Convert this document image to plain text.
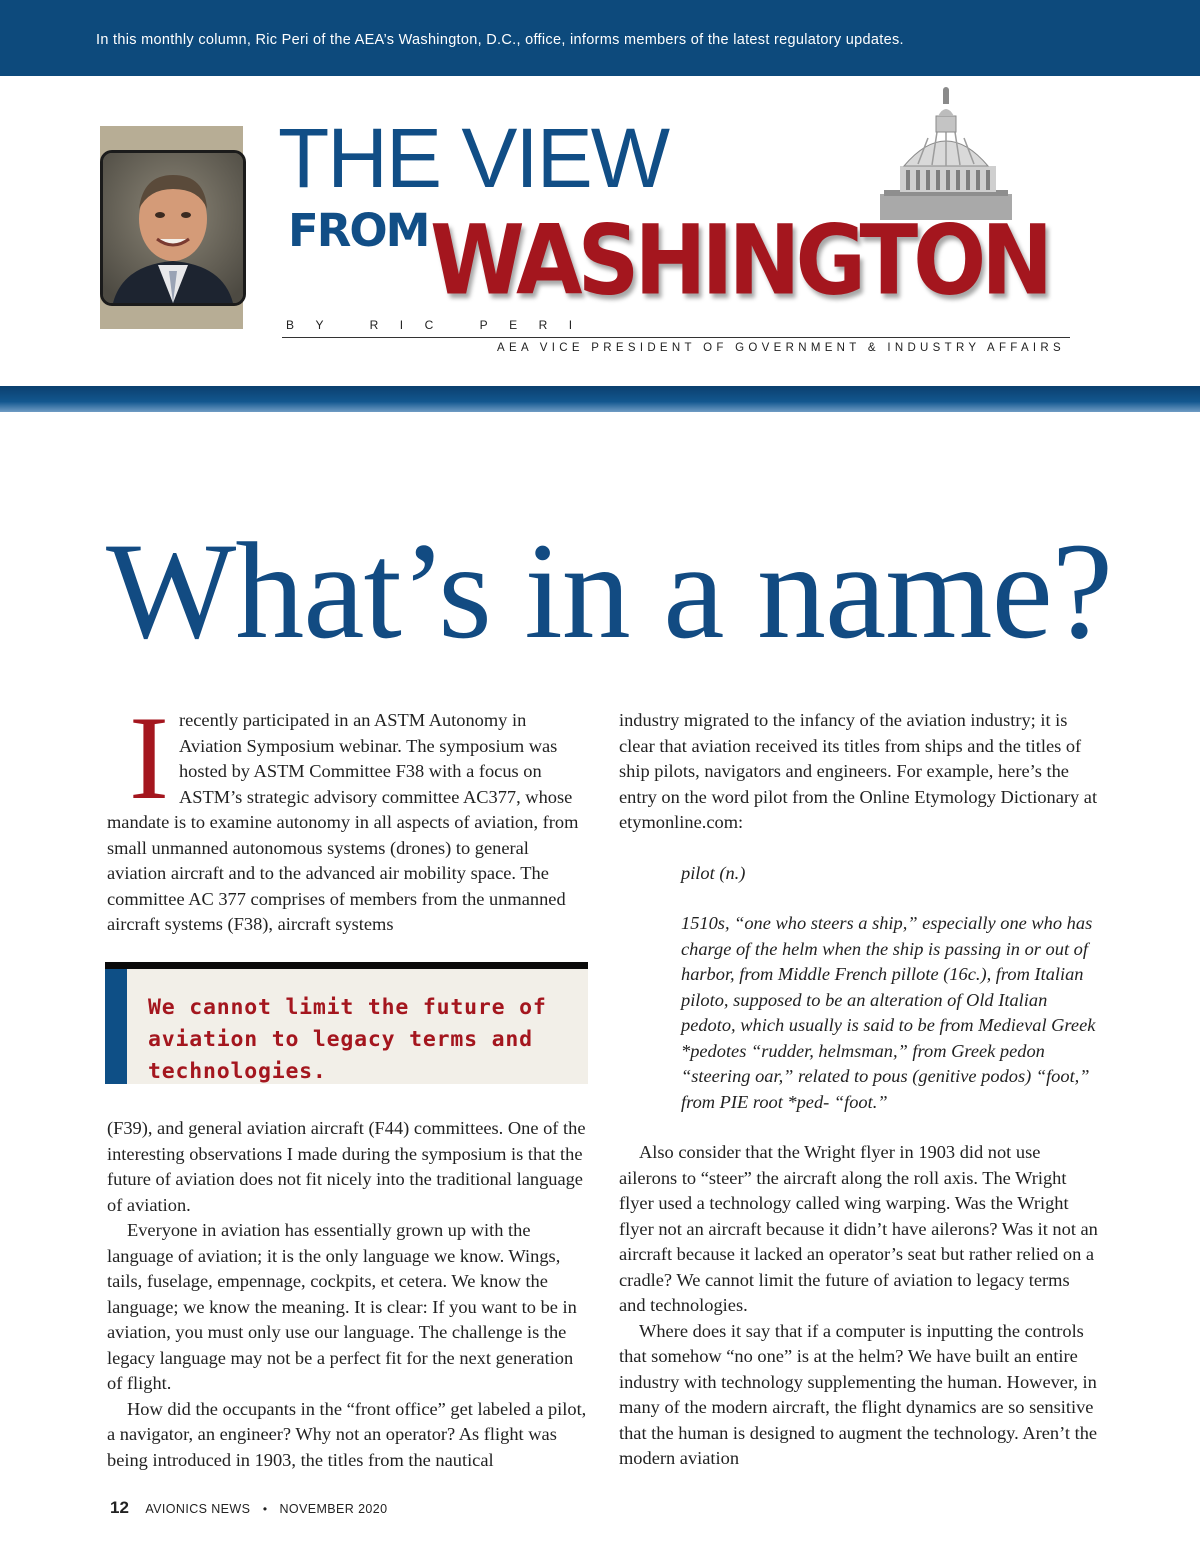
In this monthly column, Ric Peri of the AEA’s Washington, D.C., office, informs members of the latest regulatory updates.
THE VIEW
FROM WASHINGTON
BY RIC PERI
AEA VICE PRESIDENT OF GOVERNMENT & INDUSTRY AFFAIRS
What’s in a name?

Irecently participated in an ASTM Autonomy in Aviation Symposium webinar. The symposium was hosted by ASTM Committee F38 with a focus on ASTM’s strategic advisory committee AC377, whose mandate is to examine autonomy in all aspects of aviation, from small unmanned autonomous systems (drones) to general aviation aircraft and to the advanced air mobility space. The committee AC 377 comprises of members from the unmanned aircraft systems (F38), aircraft systems

We cannot limit the future of aviation to legacy terms and technologies.

(F39), and general aviation aircraft (F44) committees. One of the interesting observations I made during the symposium is that the future of aviation does not fit nicely into the traditional language of aviation.

Everyone in aviation has essentially grown up with the language of aviation; it is the only language we know. Wings, tails, fuselage, empennage, cockpits, et cetera. We know the language; we know the meaning. It is clear: If you want to be in aviation, you must only use our language. The challenge is the legacy language may not be a perfect fit for the next generation of flight.

How did the occupants in the “front office” get labeled a pilot, a navigator, an engineer? Why not an operator? As flight was being introduced in 1903, the titles from the nautical

industry migrated to the infancy of the aviation industry; it is clear that aviation received its titles from ships and the titles of ship pilots, navigators and engineers. For example, here’s the entry on the word pilot from the Online Etymology Dictionary at etymonline.com:

pilot (n.)

1510s, “one who steers a ship,” especially one who has charge of the helm when the ship is passing in or out of harbor, from Middle French pillote (16c.), from Italian piloto, supposed to be an alteration of Old Italian pedoto, which usually is said to be from Medieval Greek *pedotes “rudder, helmsman,” from Greek pedon “steering oar,” related to pous (genitive podos) “foot,” from PIE root *ped- “foot.”

Also consider that the Wright flyer in 1903 did not use ailerons to “steer” the aircraft along the roll axis. The Wright flyer used a technology called wing warping. Was the Wright flyer not an aircraft because it didn’t have ailerons? Was it not an aircraft because it lacked an operator’s seat but rather relied on a cradle? We cannot limit the future of aviation to legacy terms and technologies.

Where does it say that if a computer is inputting the controls that somehow “no one” is at the helm? We have built an entire industry with technology supplementing the human. However, in many of the modern aircraft, the flight dynamics are so sensitive that the human is designed to augment the technology. Aren’t the modern aviation

12 AVIONICS NEWS • NOVEMBER 2020
